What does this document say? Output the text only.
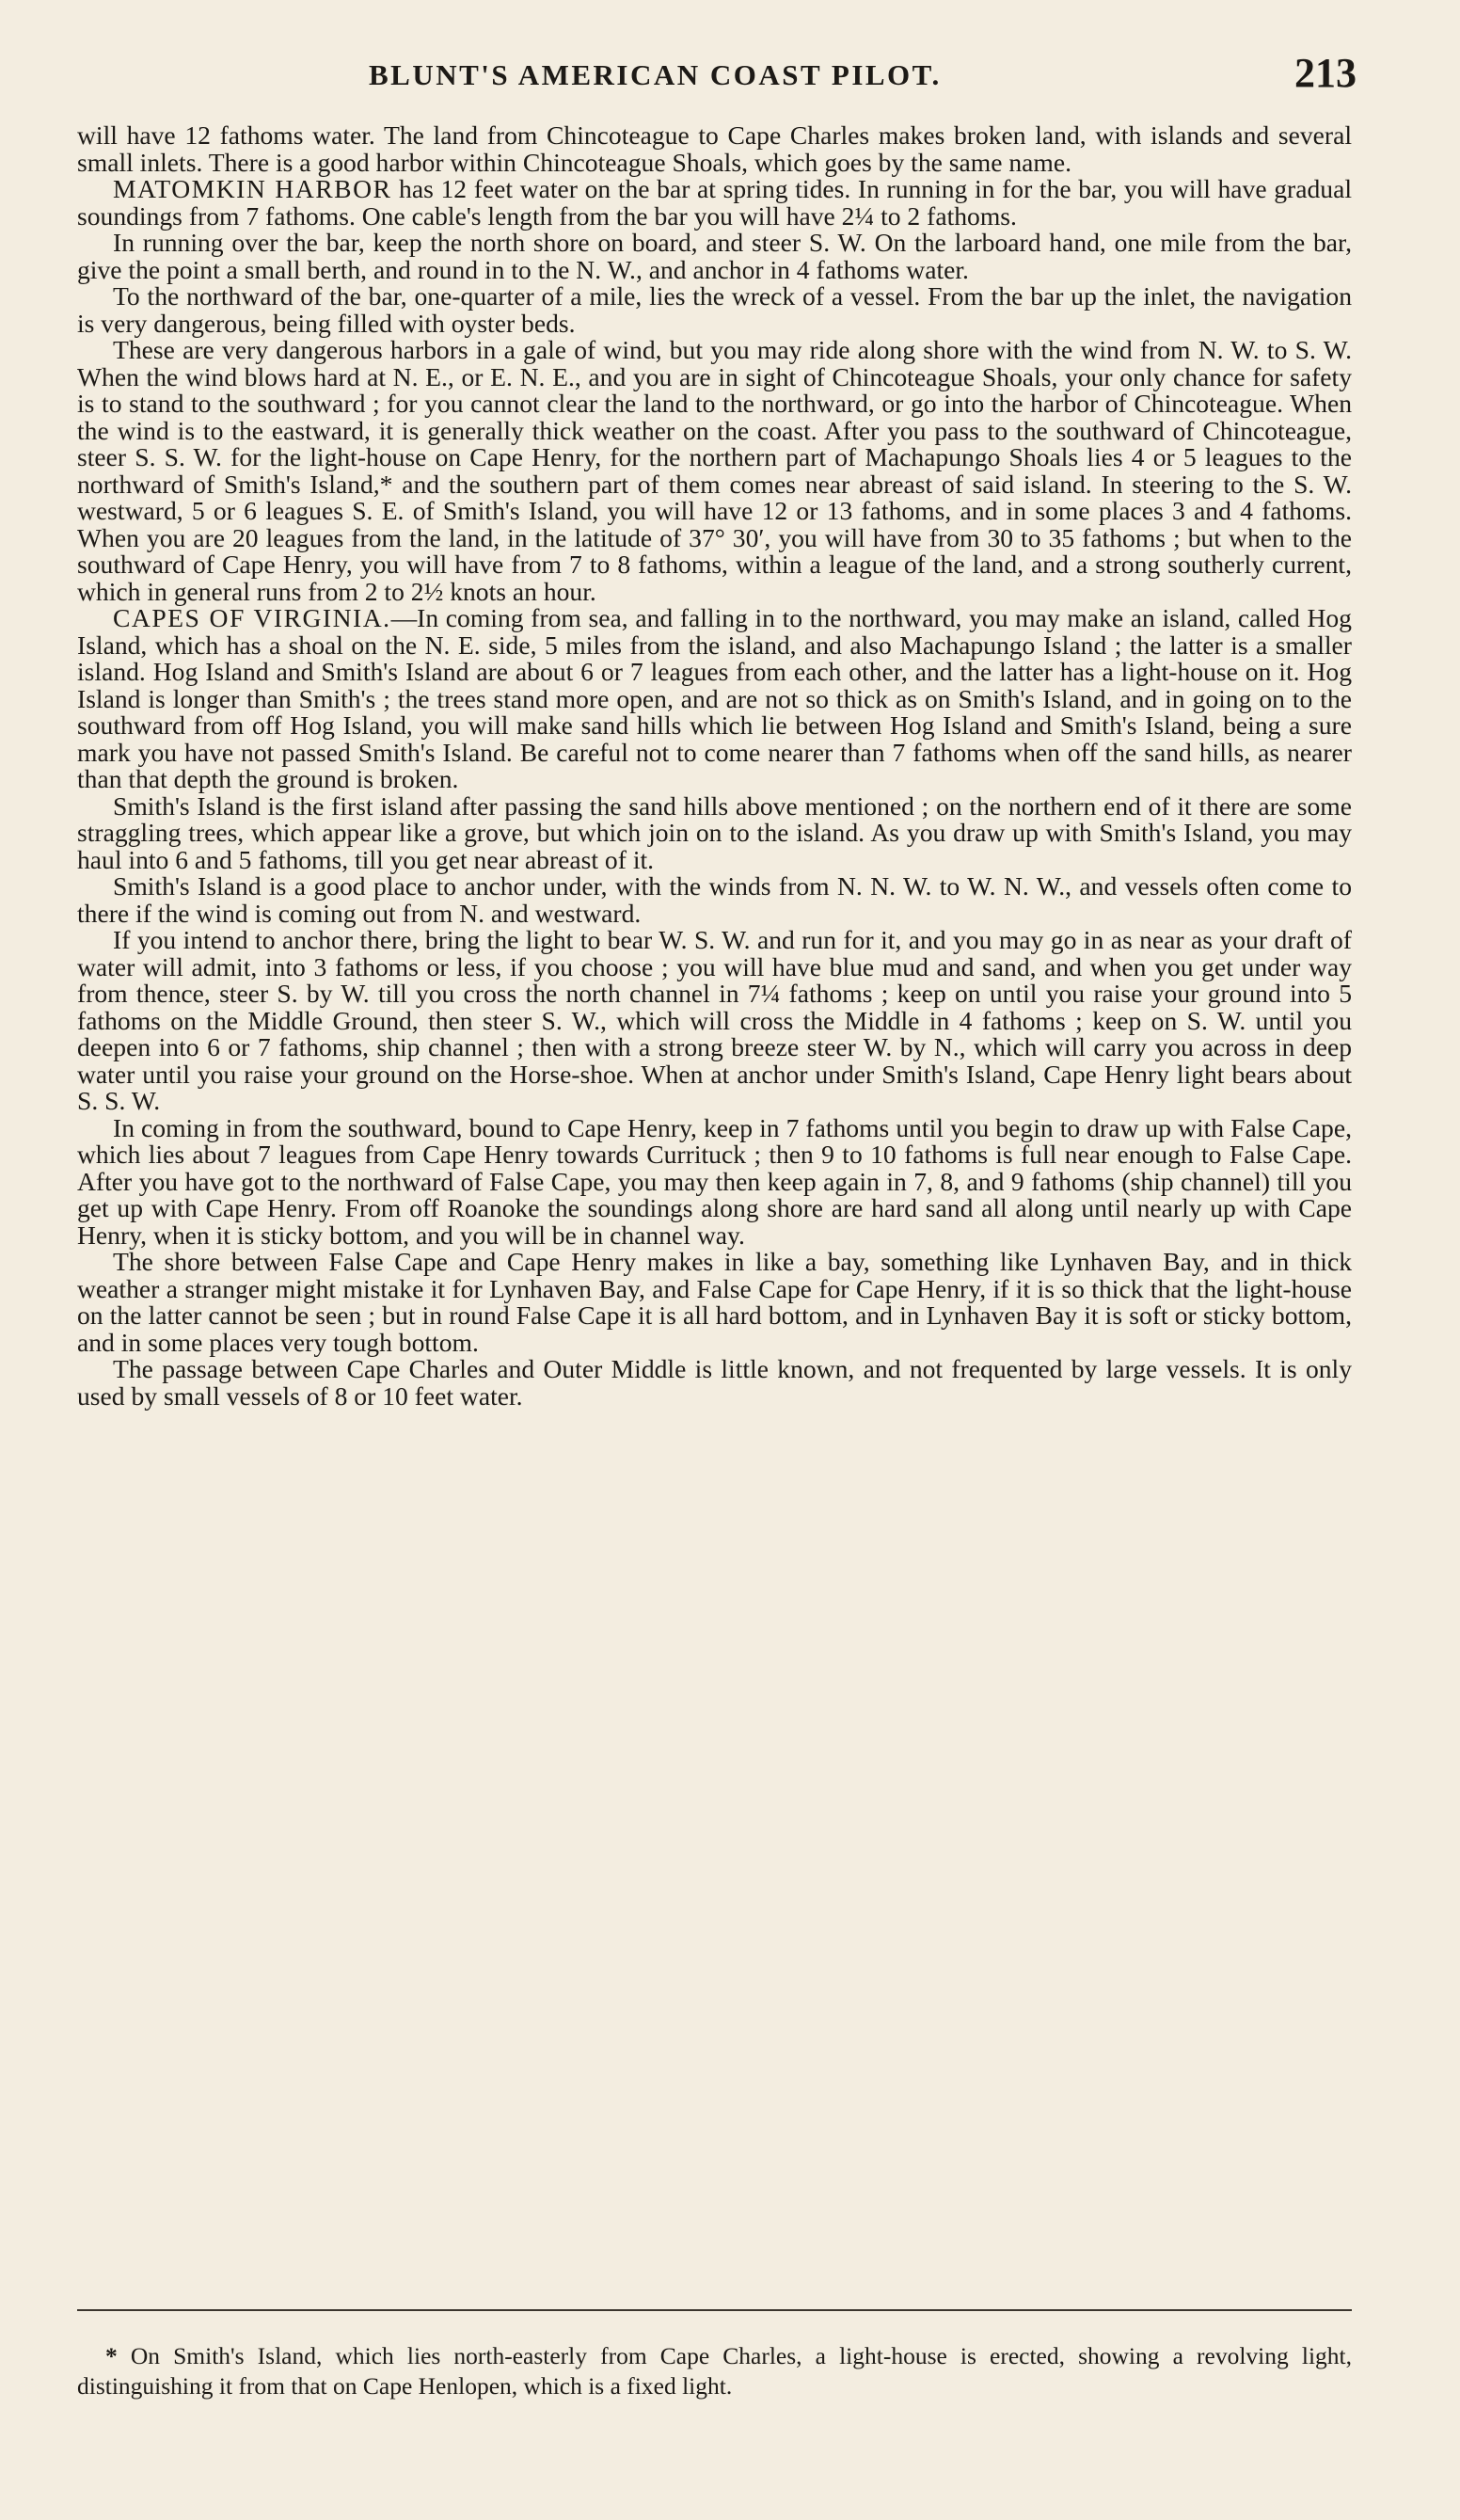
BLUNT'S AMERICAN COAST PILOT.	213

will have 12 fathoms water. The land from Chincoteague to Cape Charles makes broken land, with islands and several small inlets. There is a good harbor within Chincoteague Shoals, which goes by the same name.

MATOMKIN HARBOR has 12 feet water on the bar at spring tides. In running in for the bar, you will have gradual soundings from 7 fathoms. One cable's length from the bar you will have 2¼ to 2 fathoms.

In running over the bar, keep the north shore on board, and steer S. W. On the larboard hand, one mile from the bar, give the point a small berth, and round in to the N. W., and anchor in 4 fathoms water.

To the northward of the bar, one-quarter of a mile, lies the wreck of a vessel. From the bar up the inlet, the navigation is very dangerous, being filled with oyster beds.

These are very dangerous harbors in a gale of wind, but you may ride along shore with the wind from N. W. to S. W. When the wind blows hard at N. E., or E. N. E., and you are in sight of Chincoteague Shoals, your only chance for safety is to stand to the southward ; for you cannot clear the land to the northward, or go into the harbor of Chincoteague. When the wind is to the eastward, it is generally thick weather on the coast. After you pass to the southward of Chincoteague, steer S. S. W. for the light-house on Cape Henry, for the northern part of Machapungo Shoals lies 4 or 5 leagues to the northward of Smith's Island,* and the southern part of them comes near abreast of said island. In steering to the S. W. westward, 5 or 6 leagues S. E. of Smith's Island, you will have 12 or 13 fathoms, and in some places 3 and 4 fathoms. When you are 20 leagues from the land, in the latitude of 37° 30′, you will have from 30 to 35 fathoms ; but when to the southward of Cape Henry, you will have from 7 to 8 fathoms, within a league of the land, and a strong southerly current, which in general runs from 2 to 2½ knots an hour.

CAPES OF VIRGINIA.—In coming from sea, and falling in to the northward, you may make an island, called Hog Island, which has a shoal on the N. E. side, 5 miles from the island, and also Machapungo Island ; the latter is a smaller island. Hog Island and Smith's Island are about 6 or 7 leagues from each other, and the latter has a light-house on it. Hog Island is longer than Smith's ; the trees stand more open, and are not so thick as on Smith's Island, and in going on to the southward from off Hog Island, you will make sand hills which lie between Hog Island and Smith's Island, being a sure mark you have not passed Smith's Island. Be careful not to come nearer than 7 fathoms when off the sand hills, as nearer than that depth the ground is broken.

Smith's Island is the first island after passing the sand hills above mentioned ; on the northern end of it there are some straggling trees, which appear like a grove, but which join on to the island. As you draw up with Smith's Island, you may haul into 6 and 5 fathoms, till you get near abreast of it.

Smith's Island is a good place to anchor under, with the winds from N. N. W. to W. N. W., and vessels often come to there if the wind is coming out from N. and westward.

If you intend to anchor there, bring the light to bear W. S. W. and run for it, and you may go in as near as your draft of water will admit, into 3 fathoms or less, if you choose ; you will have blue mud and sand, and when you get under way from thence, steer S. by W. till you cross the north channel in 7¼ fathoms ; keep on until you raise your ground into 5 fathoms on the Middle Ground, then steer S. W., which will cross the Middle in 4 fathoms ; keep on S. W. until you deepen into 6 or 7 fathoms, ship channel ; then with a strong breeze steer W. by N., which will carry you across in deep water until you raise your ground on the Horse-shoe. When at anchor under Smith's Island, Cape Henry light bears about S. S. W.

In coming in from the southward, bound to Cape Henry, keep in 7 fathoms until you begin to draw up with False Cape, which lies about 7 leagues from Cape Henry towards Currituck ; then 9 to 10 fathoms is full near enough to False Cape. After you have got to the northward of False Cape, you may then keep again in 7, 8, and 9 fathoms (ship channel) till you get up with Cape Henry. From off Roanoke the soundings along shore are hard sand all along until nearly up with Cape Henry, when it is sticky bottom, and you will be in channel way.

The shore between False Cape and Cape Henry makes in like a bay, something like Lynhaven Bay, and in thick weather a stranger might mistake it for Lynhaven Bay, and False Cape for Cape Henry, if it is so thick that the light-house on the latter cannot be seen ; but in round False Cape it is all hard bottom, and in Lynhaven Bay it is soft or sticky bottom, and in some places very tough bottom.

The passage between Cape Charles and Outer Middle is little known, and not frequented by large vessels. It is only used by small vessels of 8 or 10 feet water.

* On Smith's Island, which lies north-easterly from Cape Charles, a light-house is erected, showing a revolving light, distinguishing it from that on Cape Henlopen, which is a fixed light.
